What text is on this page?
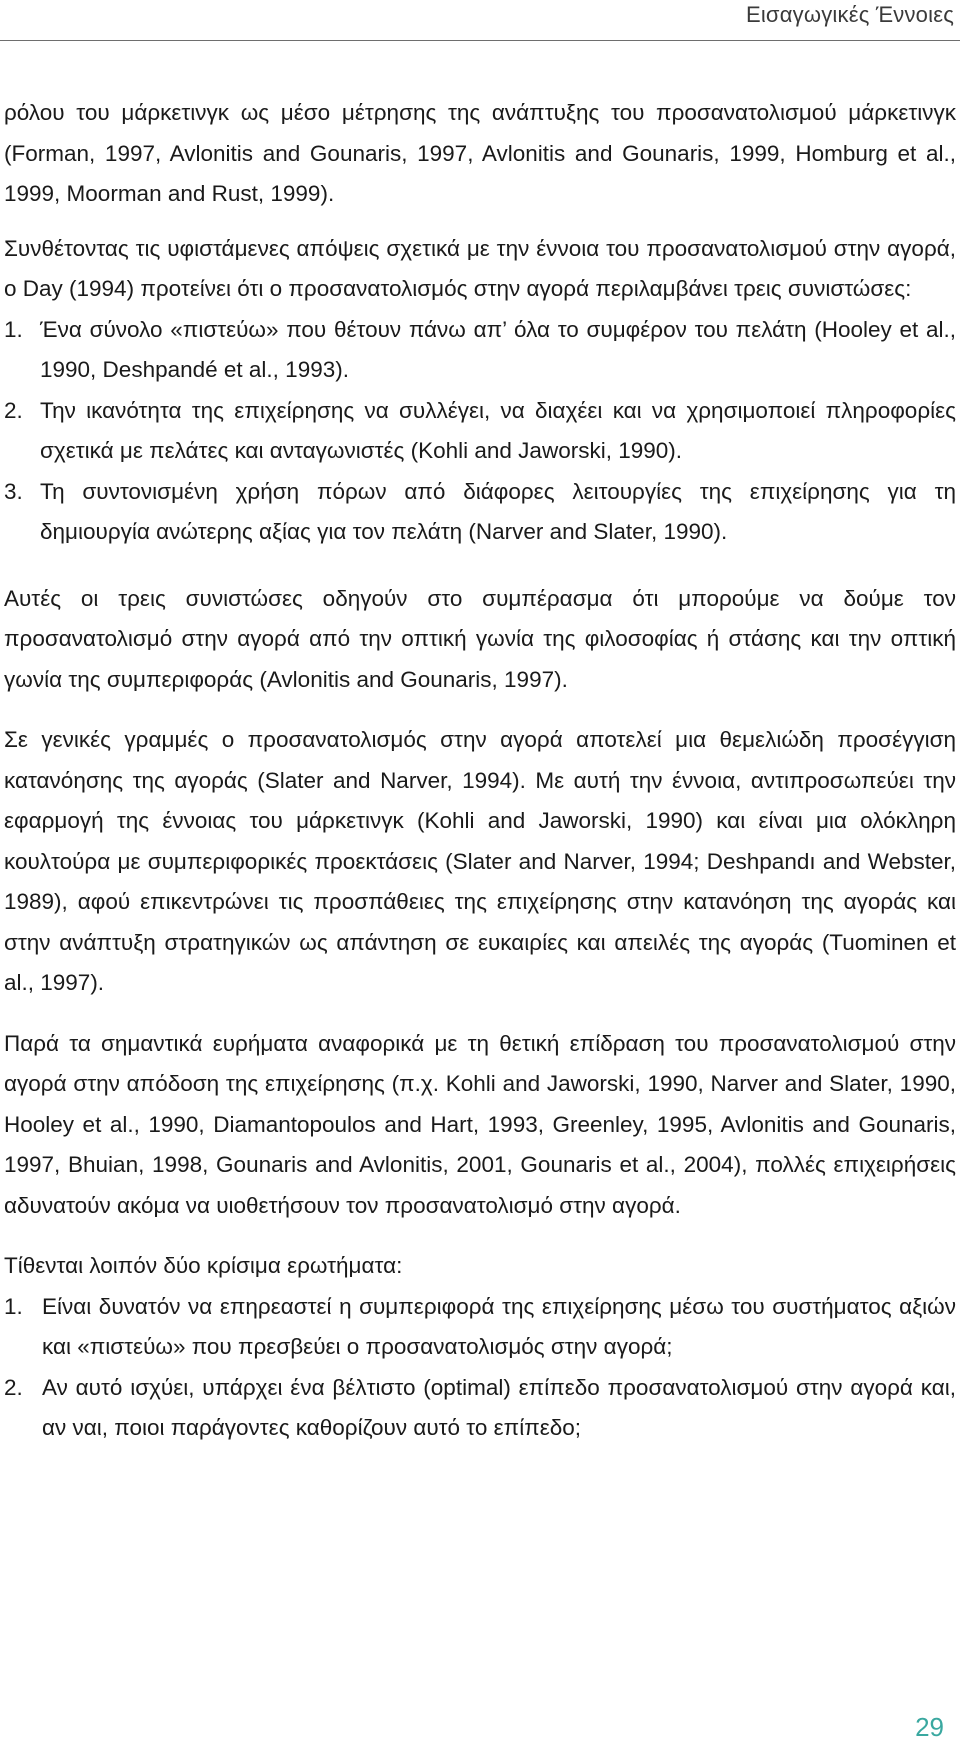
Εισαγωγικές Έννοιες

ρόλου του μάρκετινγκ ως μέσο μέτρησης της ανάπτυξης του προσανατολισμού μάρκετινγκ (Forman, 1997, Avlonitis and Gounaris, 1997, Avlonitis and Gounaris, 1999, Homburg et al., 1999, Moorman and Rust, 1999).

Συνθέτοντας τις υφιστάμενες απόψεις σχετικά με την έννοια του προσανατολισμού στην αγορά, ο Day (1994) προτείνει ότι ο προσανατολισμός στην αγορά περιλαμβάνει τρεις συνιστώσες:

1. Ένα σύνολο «πιστεύω» που θέτουν πάνω απ’ όλα το συμφέρον του πελάτη (Hooley et al., 1990, Deshpandé et al., 1993).
2. Την ικανότητα της επιχείρησης να συλλέγει, να διαχέει και να χρησιμοποιεί πληροφορίες σχετικά με πελάτες και ανταγωνιστές (Kohli and Jaworski, 1990).
3. Τη συντονισμένη χρήση πόρων από διάφορες λειτουργίες της επιχείρησης για τη δημιουργία ανώτερης αξίας για τον πελάτη (Narver and Slater, 1990).

Αυτές οι τρεις συνιστώσες οδηγούν στο συμπέρασμα ότι μπορούμε να δούμε τον προσανατολισμό στην αγορά από την οπτική γωνία της φιλοσοφίας ή στάσης και την οπτική γωνία της συμπεριφοράς (Avlonitis and Gounaris, 1997).

Σε γενικές γραμμές ο προσανατολισμός στην αγορά αποτελεί μια θεμελιώδη προσέγγιση κατανόησης της αγοράς (Slater and Narver, 1994). Με αυτή την έννοια, αντιπροσωπεύει την εφαρμογή της έννοιας του μάρκετινγκ (Kohli and Jaworski, 1990) και είναι μια ολόκληρη κουλτούρα με συμπεριφορικές προεκτάσεις (Slater and Narver, 1994; Deshpandı and Webster, 1989), αφού επικεντρώνει τις προσπάθειες της επιχείρησης στην κατανόηση της αγοράς και στην ανάπτυξη στρατηγικών ως απάντηση σε ευκαιρίες και απειλές της αγοράς (Tuominen et al., 1997).

Παρά τα σημαντικά ευρήματα αναφορικά με τη θετική επίδραση του προσανατολισμού στην αγορά στην απόδοση της επιχείρησης (π.χ. Kohli and Jaworski, 1990, Narver and Slater, 1990, Hooley et al., 1990, Diamantopoulos and Hart, 1993, Greenley, 1995, Avlonitis and Gounaris, 1997, Bhuian, 1998, Gounaris and Avlonitis, 2001, Gounaris et al., 2004), πολλές επιχειρήσεις αδυνατούν ακόμα να υιοθετήσουν τον προσανατολισμό στην αγορά.

Τίθενται λοιπόν δύο κρίσιμα ερωτήματα:

1. Είναι δυνατόν να επηρεαστεί η συμπεριφορά της επιχείρησης μέσω του συστήματος αξιών και «πιστεύω» που πρεσβεύει ο προσανατολισμός στην αγορά;
2. Αν αυτό ισχύει, υπάρχει ένα βέλτιστο (optimal) επίπεδο προσανατολισμού στην αγορά και, αν ναι, ποιοι παράγοντες καθορίζουν αυτό το επίπεδο;
29
